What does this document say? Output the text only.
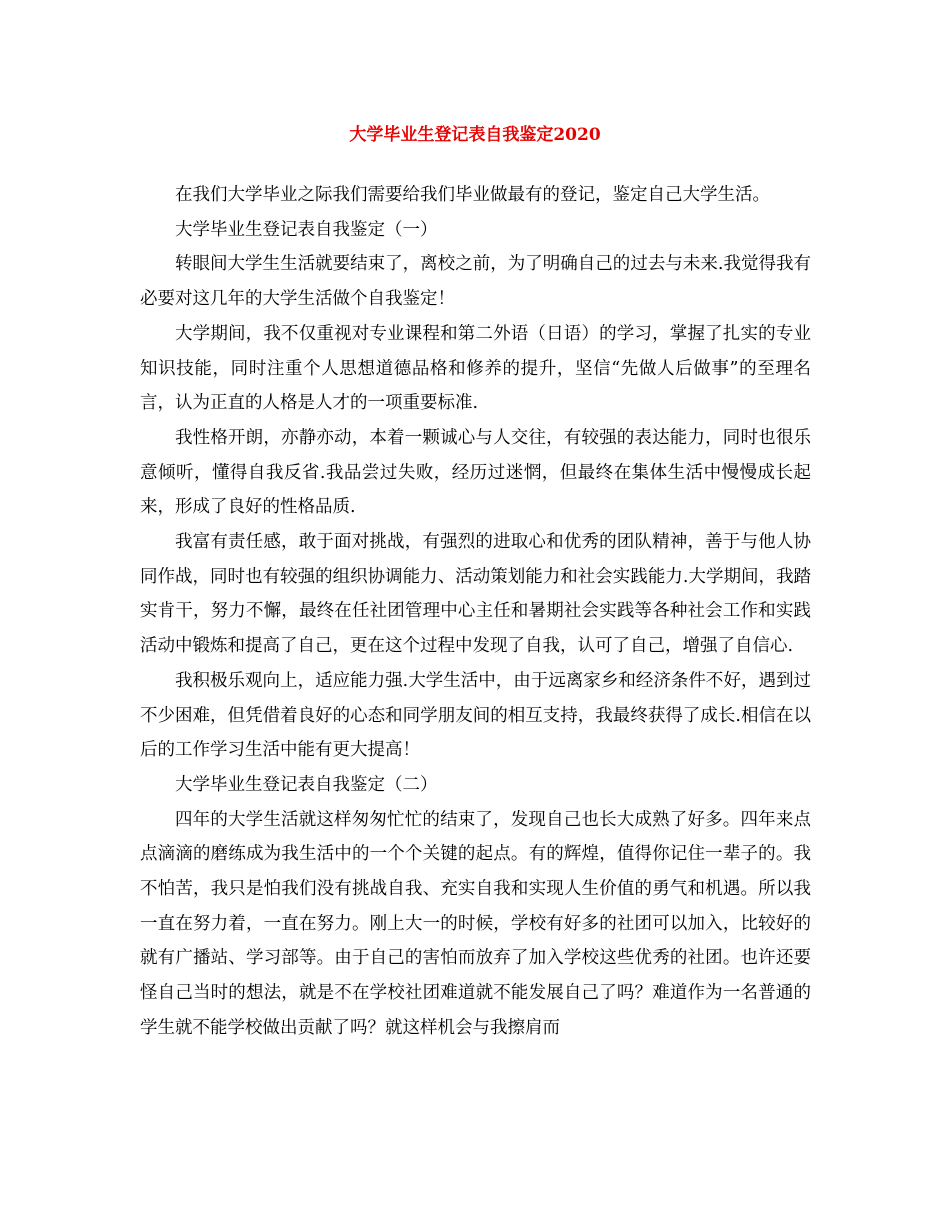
大学毕业生登记表自我鉴定2020

在我们大学毕业之际我们需要给我们毕业做最有的登记，鉴定自己大学生活。

大学毕业生登记表自我鉴定（一）

转眼间大学生生活就要结束了，离校之前，为了明确自己的过去与未来.我觉得我有必要对这几年的大学生活做个自我鉴定！

大学期间，我不仅重视对专业课程和第二外语（日语）的学习，掌握了扎实的专业知识技能，同时注重个人思想道德品格和修养的提升，坚信“先做人后做事”的至理名言，认为正直的人格是人才的一项重要标准.

我性格开朗，亦静亦动，本着一颗诚心与人交往，有较强的表达能力，同时也很乐意倾听，懂得自我反省.我品尝过失败，经历过迷惘，但最终在集体生活中慢慢成长起来，形成了良好的性格品质.

我富有责任感，敢于面对挑战，有强烈的进取心和优秀的团队精神，善于与他人协同作战，同时也有较强的组织协调能力、活动策划能力和社会实践能力.大学期间，我踏实肯干，努力不懈，最终在任社团管理中心主任和暑期社会实践等各种社会工作和实践活动中锻炼和提高了自己，更在这个过程中发现了自我，认可了自己，增强了自信心.

我积极乐观向上，适应能力强.大学生活中，由于远离家乡和经济条件不好，遇到过不少困难，但凭借着良好的心态和同学朋友间的相互支持，我最终获得了成长.相信在以后的工作学习生活中能有更大提高！

大学毕业生登记表自我鉴定（二）

四年的大学生活就这样匆匆忙忙的结束了，发现自己也长大成熟了好多。四年来点点滴滴的磨练成为我生活中的一个个关键的起点。有的辉煌，值得你记住一辈子的。我不怕苦，我只是怕我们没有挑战自我、充实自我和实现人生价值的勇气和机遇。所以我一直在努力着，一直在努力。刚上大一的时候，学校有好多的社团可以加入，比较好的就有广播站、学习部等。由于自己的害怕而放弃了加入学校这些优秀的社团。也许还要怪自己当时的想法，就是不在学校社团难道就不能发展自己了吗？难道作为一名普通的学生就不能学校做出贡献了吗？就这样机会与我擦肩而
